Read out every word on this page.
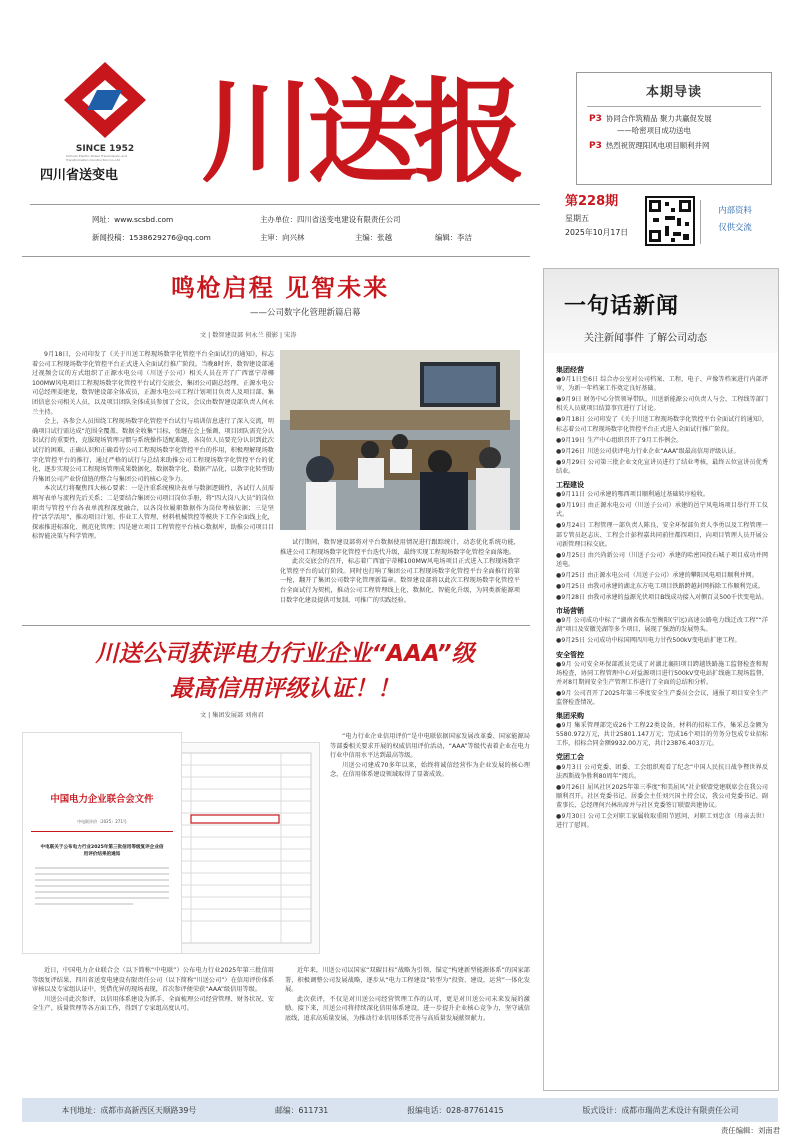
SINCE 1952
Sichuan Electric Power Transmission and Transformation Construction Co.,Ltd
四川省送变电 川送报	本期导读
P3 协同合作筑精品 聚力共赢促发展
——哈密项目成功送电
P3 热烈祝贺理阳风电项目顺利并网
网址：www.scsbd.com
新闻投稿：1538629276@qq.com
主办单位：四川省送变电建设有限责任公司
主审：向兴林	主编：张越	编辑：李洁
第228期
星期五
2025年10月17日
内部资料
仅供交流
鸣枪启程 见智未来
——公司数字化管理新篇启幕
文 | 数智建设部 何永兰 摄影 | 宋涛

9月18日，公司印发了《关于川送工程现场数字化管控平台全面试行的通知》，标志着公司工程现场数字化管控平台正式进入全面试行推广阶段。当晚8时许，数智建设部通过视频会议的方式组织了正源水电公司（川送子公司）相关人员在开了广西富宁蒂椰100MW风电项目工程现场数字化管控平台试行交底会，集团公司副总经理、正源水电公司总经理姜建龙，数智建设部全体成员，正源水电公司工程计划项目负责人及项目部、集团信息公司相关人员，以及项目团队全体成员参加了会议，会议由数智建设部负责人何永兰主持。

会上，各参会人员围绕工程现场数字化管控平台试行与培训信息进行了深入交流，明确项目试行需达成“范围全覆盖、数据全收集”目标，张继在会上强调，项目团队需充分认识试行的重要性，克服现场管理习惯与系统操作适配难题，各岗位人员要充分认识到此次试行的困难，正确认识和正确看待公司工程现场数字化管控平台的作用，积极理解现场数字化管控平台的推行，通过严格的试行与总结来助推公司工程现场数字化管控平台的优化，逐步实现公司工程现场管理成果数据化、数据数字化、数据产品化，以数字化转型助升集团公司产业价值链的整合与集团公司的核心竞争力。

本次试行将聚焦四大核心要素：一是注重系统模块表单与数据逻辑性，各试行人员需填写表单与流程先后关系；二是要结合集团公司项目岗位手册，将“四大岗八大员”的岗位职责与管控平台各表单流程深度融合，以各岗位履职数据作为岗位考核依据；三是坚持“活学活用”，推动项目计划、作业工人管理、材料机械管控等模块下工作全面线上化，探索推进标准化、规范化管理；四是建立项目工程管控平台核心数据库，助推公司项目目标智能决策与科学管理。

试行期间，数智建设部将对平台数据使用情况进行跟踪统计，动态优化系统功能，推进公司工程现场数字化管控平台迭代升级，最终实现工程现场数字化管控全面落地。

此次交底会的召开，标志着广西富宁蒂椰100MW风电场项目正式进入工程现场数字化管控平台的试行阶段。同时也打响了集团公司工程现场数字化管控平台全面推行的第一枪，翻开了集团公司数字化管理新篇章。数智建设部将以此次工程现场数字化管控平台全面试行为契机，推动公司工程管理线上化、数据化、智能化升级，为同类新能源项目数字化建设提供可复制、可推广的实践经验。

川送公司获评电力行业企业“AAA”级
最高信用评级认证！！
文 | 集团发展部 刘南君
中国电力企业联合会文件
中电联评价〔2025〕271号
中电联关于公布电力行业2025年第三批信用等级复评企业信用评价结果的通知

“电力行业企业信用评价”是中电联依据国家发展改革委、国家能源局等部委相关要求开展的权威信用评价活动，“AAA”等级代表着企业在电力行业中信用水平达到最高等级。

川送公司建成70多年以来，始终将诚信经营作为企业发展的核心理念，在信用体系建设领域取得了显著成效。

近日，中国电力企业联合会（以下简称“中电联”）公布电力行业2025年第三批信用等级复评结果，四川省送变电建设有限责任公司（以下简称“川送公司”）在信用评价体系审核以及专家组认证中，凭借优异的现场表现，首次参评便荣获“AAA”级信用等级。

川送公司此次参评，以信用体系建设为抓手，全面梳理公司经营管理、财务状况、安全生产、质量管理等各方面工作，得到了专家组高度认可。

近年来，川送公司以国家“双碳目标”战略为引领，锚定“构建新型能源体系”的国家部署，积极调整公司发展战略，逐步从“电力工程建设”转型为“投资、建设、运营”一体化发展。

此次获评，不仅是对川送公司经营管理工作的认可，更是对川送公司未来发展的激励。接下来，川送公司将持续深化信用体系建设，进一步提升企业核心竞争力，坚守诚信底线，追求高质量发展，为推动行业信用体系完善与高质量发展献智献力。

一句话新闻
关注新闻事件 了解公司动态
集团经营

●9月1日至6日 综合办公室对公司档案、工程、电子、声像等档案进行内部评审，为新一年档案工作奠定良好基础。

●9月9日 财务中心分管领导带队，川送新能源公司负责人与会、工程线等部门相关人员就项目结算事宜进行了讨论。

●9月18日 公司印发了《关于川送工程现场数字化管控平台全面试行的通知》，标志着公司工程现场数字化管控平台正式进入全面试行推广阶段。

●9月19日 生产中心组织召开了9月工作例会。

●9月26日 川送公司获评电力行业企业“AAA”级最高信用评级认证。

●9月29日 公司第三批企业文化宣讲员进行了结业考核，最终五位宣讲员优秀结业。

工程建设

●9月11日 公司承建的鄂西项目顺利通过基础转序检收。

●9月19日 由正源水电公司（川送子公司）承建的邑宁风电场项目举行开工仪式。

●9月24日 工程管理一部负责人陈良、安全环保部负责人李勇以及工程管理一部专管员赵志庆、工程会计彭程嘉共同前往都四项目，向项目管理人员开展公司新管理目标交底。

●9月25日 由兴尚新公司（川送子公司）承建的哈密国投石城子项目成功并网送电。

●9月25日 由正源水电公司（川送子公司）承建的攀阳风电项目顺利并网。

●9月25日 由我司承建的湖北东方电工项目铁路跨越封网拆除工作顺利完成。

●9月28日 由我司承建的益源光伏项目B线成功接入对侧百灵500千伏变电站。

市场营销

●9月 公司成功中标了“湖南省株东至衡阳(宁远)高速公路电力线迁改工程”“洋湖”项目及安徽芜湖等多个项目，展现了强劲的发展势头。

●9月25日 公司成功中标国网四川电力甘孜500kV变电站扩建工程。

安全管控

●9月 公司安全环保部派员完成了对湖北襄阳项目跨越铁路施工监督检查和现场检查，协同工程管理中心对益源项目进行500kV变电站扩线施工现场监督，并对8月期间安全生产管理工作进行了全面的总结和分析。

●9月 公司召开了2025年第三季度安全生产委员会会议，通报了项目安全生产监督检查情况。

集团采购

●9月 集采管理部完成26个工程22类设备、材料的招标工作，集采总金额为5580.972万元，共计25801.147万元；完成16个项目的劳务分包成专业招标工作，招标合同金额9932.00万元，共计23876.403万元。

党团工会

●9月3日 公司党委、团委、工会组织观看了纪念“中国人民抗日战争暨世界反法西斯战争胜利80周年”阅兵。

●9月26日 屈风社区2025年第三季度“和美屈风”社企联盟党建联席会在我公司顺利召开。社区党委书记、居委会主任刘兴国主持会议，我公司党委书记、副董事长、总经理何兴林出席并与社区党委签订联盟共建协议。

●9月30日 公司工会对职工家属收取重阳节慰问，对职工刘忠彦（母亲去世）进行了慰问。

本刊地址：成都市高新西区天顺路39号	邮编：611731	报编电话：028-87761415	版式设计：成都市瑞尚艺术设计有限责任公司
责任编辑：刘南君
